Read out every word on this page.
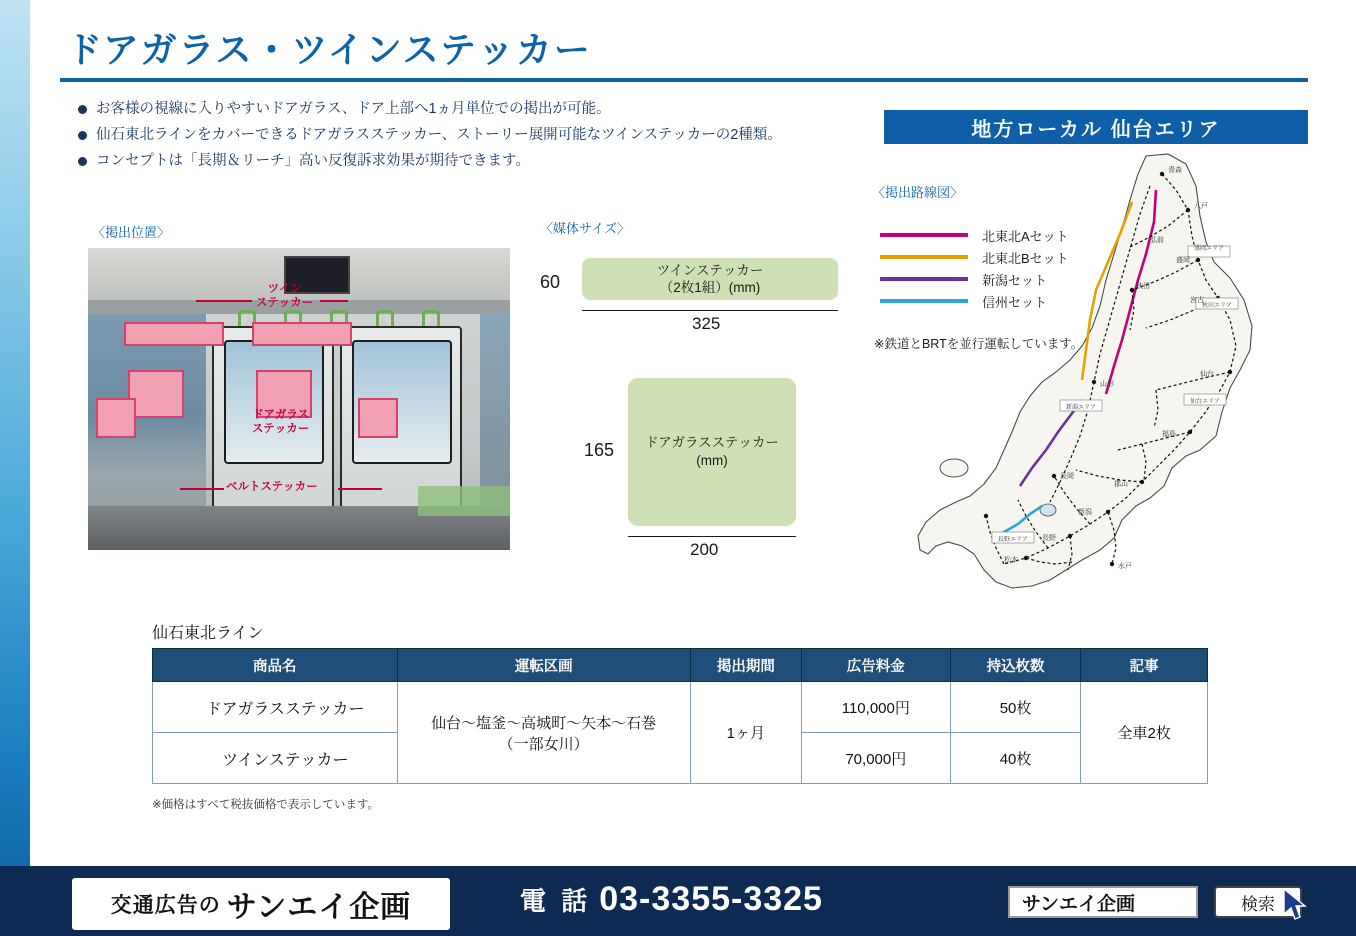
ドアガラス・ツインステッカー
お客様の視線に入りやすいドアガラス、ドア上部へ1ヵ月単位での掲出が可能。
仙石東北ラインをカバーできるドアガラスステッカー、ストーリー展開可能なツインステッカーの2種類。
コンセプトは「長期＆リーチ」高い反復訴求効果が期待できます。
地方ローカル 仙台エリア
〈掲出位置〉	〈媒体サイズ〉
〈掲出路線図〉
ツイン
ステッカー
ドアガラス
ステッカー
ベルトステッカー
60
ツインステッカー
（2枚1組）(mm)
325
165 ドアガラスステッカー
(mm)
200
北東北Aセット
北東北Bセット
新潟セット
信州セット
※鉄道とBRTを並行運転しています。
青森
八戸
盛岡
宮古
弘前
秋田
仙台
福島
郡山
新潟
長野
松本
山形
長岡
水戸
盛岡エリア
秋田エリア
仙台エリア
新潟エリア
長野エリア
仙石東北ライン
商品名	運転区画	掲出期間	広告料金	持込枚数	記事
ドアガラスステッカー	仙台〜塩釜〜高城町〜矢本〜石巻
（一部女川）	1ヶ月	110,000円	50枚	全車2枚
ツインステッカー			70,000円	40枚	
※価格はすべて税抜価格で表示しています。
交通広告の サンエイ企画	電 話 03-3355-3325	サンエイ企画	検索
